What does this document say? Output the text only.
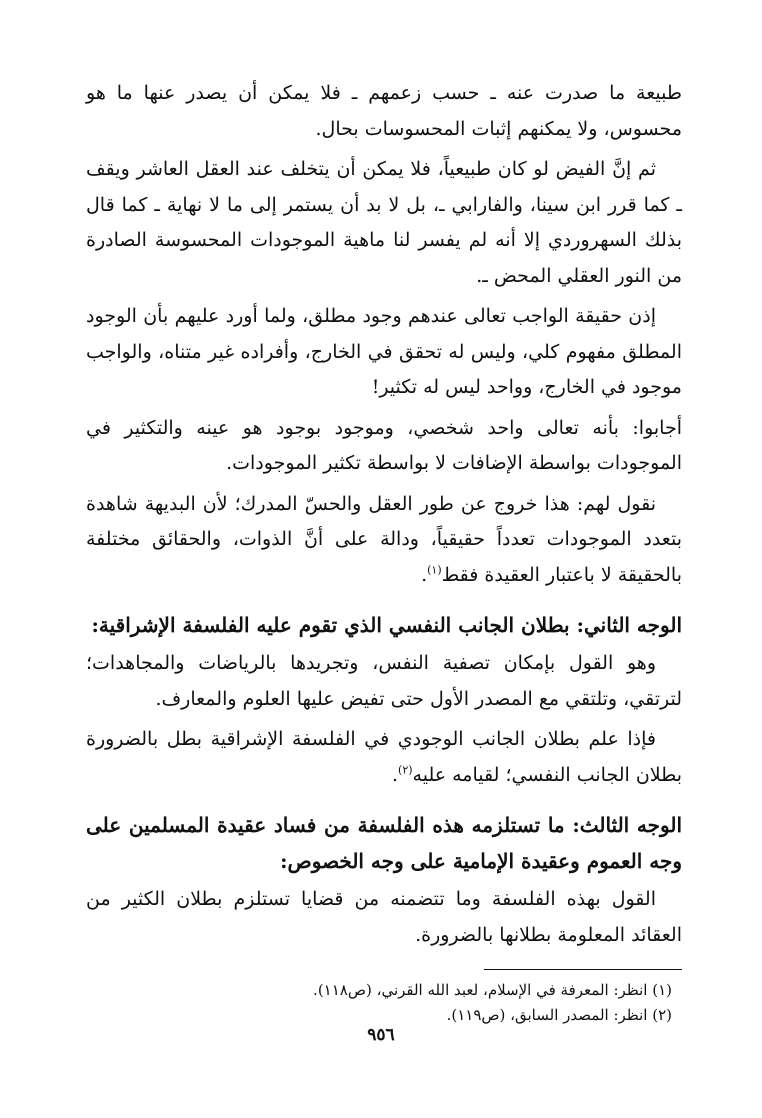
طبيعة ما صدرت عنه ـ حسب زعمهم ـ فلا يمكن أن يصدر عنها ما هو محسوس، ولا يمكنهم إثبات المحسوسات بحال.

ثم إنَّ الفيض لو كان طبيعياً، فلا يمكن أن يتخلف عند العقل العاشر ويقف ـ كما قرر ابن سينا، والفارابي ـ، بل لا بد أن يستمر إلى ما لا نهاية ـ كما قال بذلك السهروردي إلا أنه لم يفسر لنا ماهية الموجودات المحسوسة الصادرة من النور العقلي المحض ـ.

إذن حقيقة الواجب تعالى عندهم وجود مطلق، ولما أورد عليهم بأن الوجود المطلق مفهوم كلي، وليس له تحقق في الخارج، وأفراده غير متناه، والواجب موجود في الخارج، وواحد ليس له تكثير!

أجابوا: بأنه تعالى واحد شخصي، وموجود بوجود هو عينه والتكثير في الموجودات بواسطة الإضافات لا بواسطة تكثير الموجودات.

نقول لهم: هذا خروج عن طور العقل والحسّ المدرك؛ لأن البديهة شاهدة بتعدد الموجودات تعدداً حقيقياً، ودالة على أنَّ الذوات، والحقائق مختلفة بالحقيقة لا باعتبار العقيدة فقط$^{(١)}$.

الوجه الثاني: بطلان الجانب النفسي الذي تقوم عليه الفلسفة الإشراقية:

وهو القول بإمكان تصفية النفس، وتجريدها بالرياضات والمجاهدات؛ لترتقي، وتلتقي مع المصدر الأول حتى تفيض عليها العلوم والمعارف.

فإذا علم بطلان الجانب الوجودي في الفلسفة الإشراقية بطل بالضرورة بطلان الجانب النفسي؛ لقيامه عليه$^{(٢)}$.

الوجه الثالث: ما تستلزمه هذه الفلسفة من فساد عقيدة المسلمين على وجه العموم وعقيدة الإمامية على وجه الخصوص:

القول بهذه الفلسفة وما تتضمنه من قضايا تستلزم بطلان الكثير من العقائد المعلومة بطلانها بالضرورة.

(١) انظر: المعرفة في الإسلام، لعبد الله القرني، (ص١١٨).

(٢) انظر: المصدر السابق، (ص١١٩).

٩٥٦
